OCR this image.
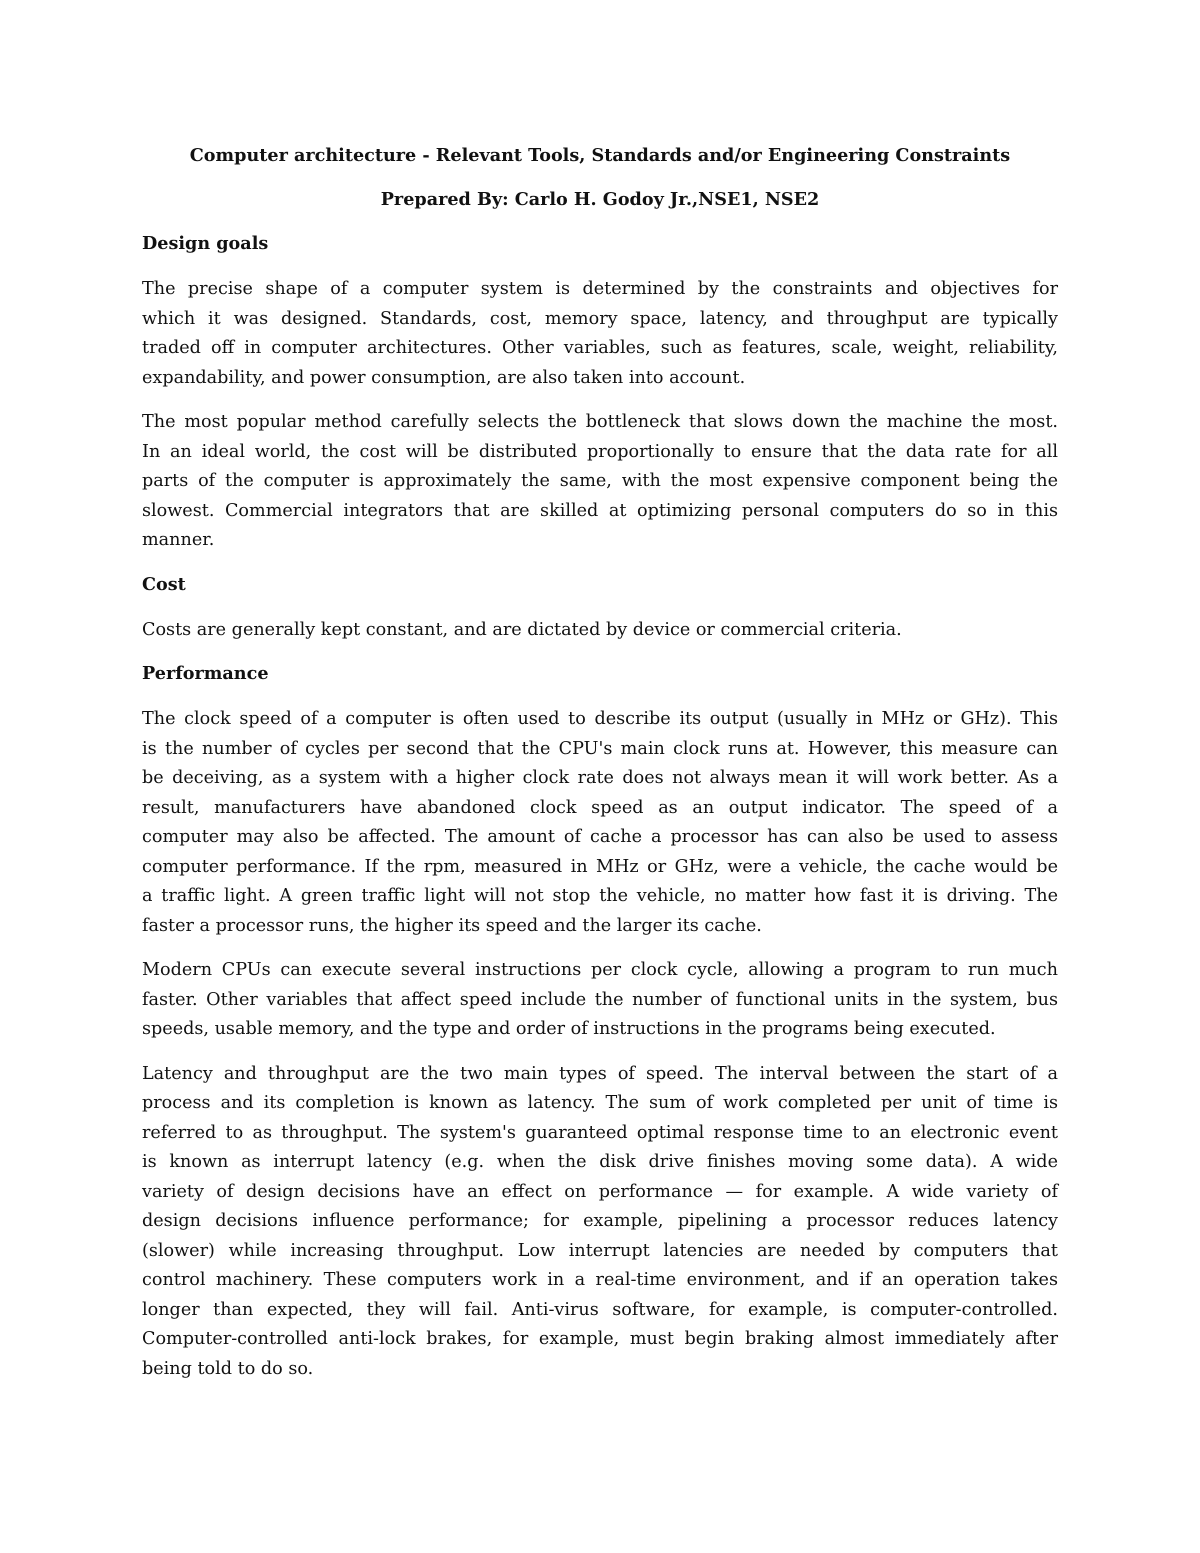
Computer architecture - Relevant Tools, Standards and/or Engineering Constraints

Prepared By: Carlo H. Godoy Jr.,NSE1, NSE2

Design goals

The precise shape of a computer system is determined by the constraints and objectives for
which it was designed. Standards, cost, memory space, latency, and throughput are typically
traded off in computer architectures. Other variables, such as features, scale, weight, reliability,
expandability, and power consumption, are also taken into account.

The most popular method carefully selects the bottleneck that slows down the machine the most.
In an ideal world, the cost will be distributed proportionally to ensure that the data rate for all
parts of the computer is approximately the same, with the most expensive component being the
slowest. Commercial integrators that are skilled at optimizing personal computers do so in this
manner.

Cost

Costs are generally kept constant, and are dictated by device or commercial criteria.

Performance

The clock speed of a computer is often used to describe its output (usually in MHz or GHz). This
is the number of cycles per second that the CPU's main clock runs at. However, this measure can
be deceiving, as a system with a higher clock rate does not always mean it will work better. As a
result, manufacturers have abandoned clock speed as an output indicator. The speed of a
computer may also be affected. The amount of cache a processor has can also be used to assess
computer performance. If the rpm, measured in MHz or GHz, were a vehicle, the cache would be
a traffic light. A green traffic light will not stop the vehicle, no matter how fast it is driving. The
faster a processor runs, the higher its speed and the larger its cache.

Modern CPUs can execute several instructions per clock cycle, allowing a program to run much
faster. Other variables that affect speed include the number of functional units in the system, bus
speeds, usable memory, and the type and order of instructions in the programs being executed.

Latency and throughput are the two main types of speed. The interval between the start of a
process and its completion is known as latency. The sum of work completed per unit of time is
referred to as throughput. The system's guaranteed optimal response time to an electronic event
is known as interrupt latency (e.g. when the disk drive finishes moving some data). A wide
variety of design decisions have an effect on performance — for example. A wide variety of
design decisions influence performance; for example, pipelining a processor reduces latency
(slower) while increasing throughput. Low interrupt latencies are needed by computers that
control machinery. These computers work in a real-time environment, and if an operation takes
longer than expected, they will fail. Anti-virus software, for example, is computer-controlled.
Computer-controlled anti-lock brakes, for example, must begin braking almost immediately after
being told to do so.
